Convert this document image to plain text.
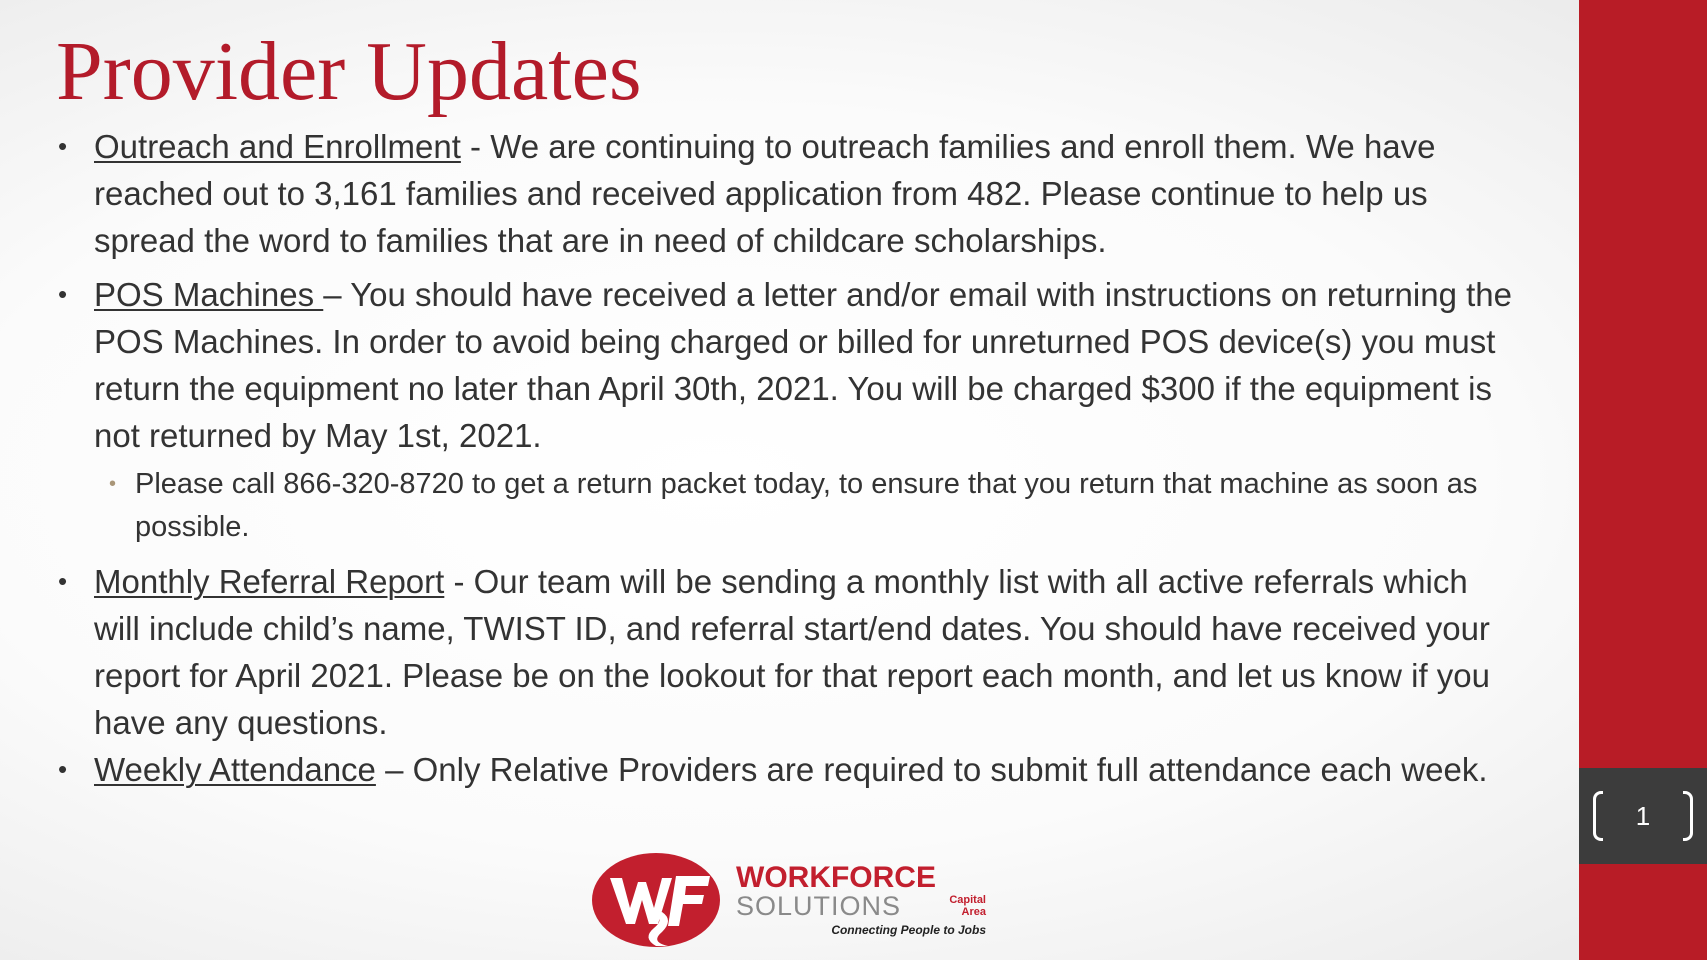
Provider Updates
• Outreach and Enrollment - We are continuing to outreach families and enroll them. We have reached out to 3,161 families and received application from 482. Please continue to help us spread the word to families that are in need of childcare scholarships.
• POS Machines – You should have received a letter and/or email with instructions on returning the POS Machines. In order to avoid being charged or billed for unreturned POS device(s) you must return the equipment no later than April 30th, 2021. You will be charged $300 if the equipment is not returned by May 1st, 2021.
• Please call 866-320-8720 to get a return packet today, to ensure that you return that machine as soon as possible.
• Monthly Referral Report - Our team will be sending a monthly list with all active referrals which will include child’s name, TWIST ID, and referral start/end dates. You should have received your report for April 2021. Please be on the lookout for that report each month, and let us know if you have any questions.
• Weekly Attendance – Only Relative Providers are required to submit full attendance each week.
1
WORKFORCE
SOLUTIONS	Capital
Area
Connecting People to Jobs
